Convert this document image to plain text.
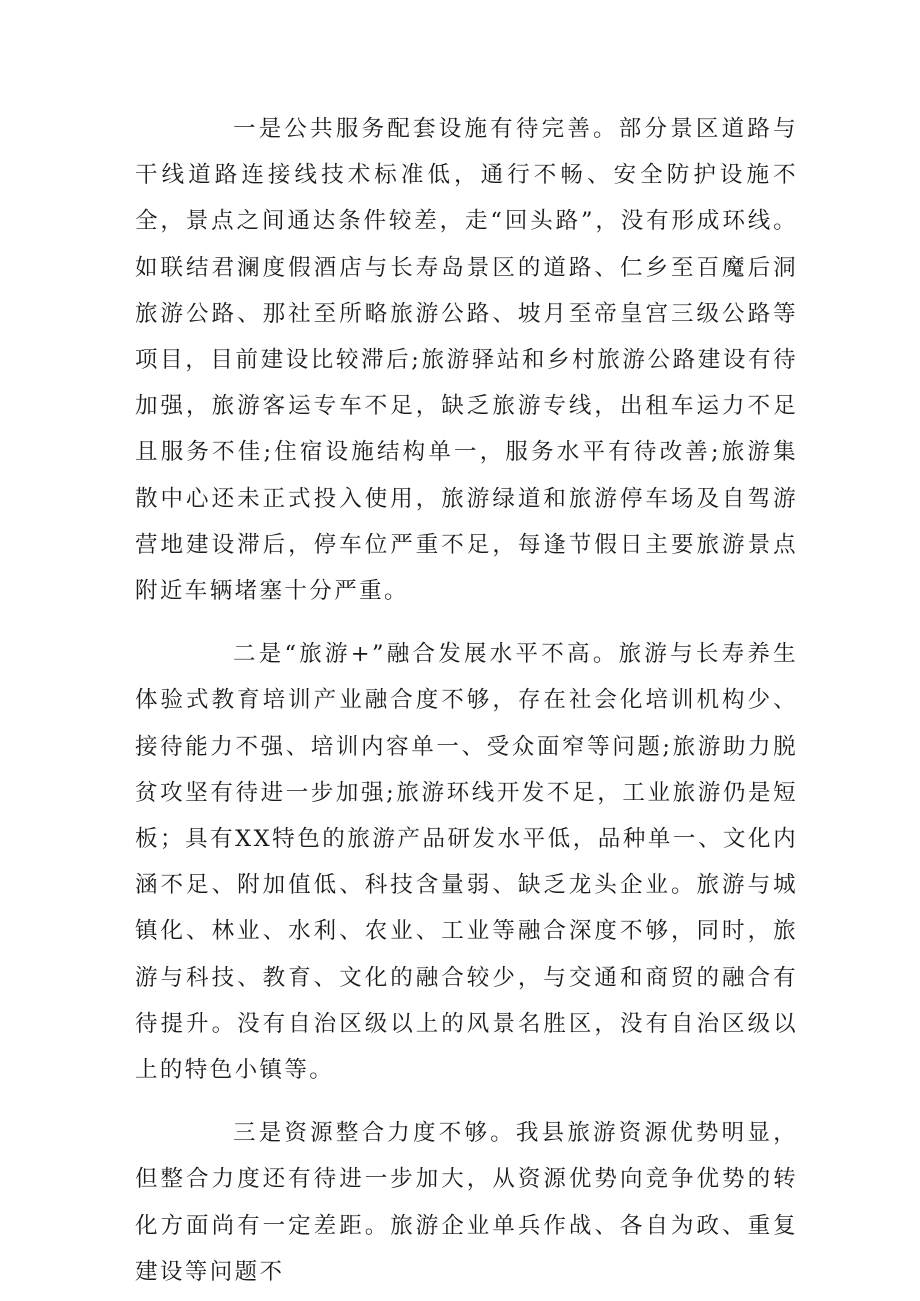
一是公共服务配套设施有待完善。部分景区道路与干线道路连接线技术标准低，通行不畅、安全防护设施不全，景点之间通达条件较差，走“回头路”，没有形成环线。如联结君澜度假酒店与长寿岛景区的道路、仁乡至百魔后洞旅游公路、那社至所略旅游公路、坡月至帝皇宫三级公路等项目，目前建设比较滞后;旅游驿站和乡村旅游公路建设有待加强，旅游客运专车不足，缺乏旅游专线，出租车运力不足且服务不佳;住宿设施结构单一，服务水平有待改善;旅游集散中心还未正式投入使用，旅游绿道和旅游停车场及自驾游营地建设滞后，停车位严重不足，每逢节假日主要旅游景点附近车辆堵塞十分严重。

二是“旅游+”融合发展水平不高。旅游与长寿养生体验式教育培训产业融合度不够，存在社会化培训机构少、接待能力不强、培训内容单一、受众面窄等问题;旅游助力脱贫攻坚有待进一步加强;旅游环线开发不足，工业旅游仍是短板；具有XX特色的旅游产品研发水平低，品种单一、文化内涵不足、附加值低、科技含量弱、缺乏龙头企业。旅游与城镇化、林业、水利、农业、工业等融合深度不够，同时，旅游与科技、教育、文化的融合较少，与交通和商贸的融合有待提升。没有自治区级以上的风景名胜区，没有自治区级以上的特色小镇等。

三是资源整合力度不够。我县旅游资源优势明显，但整合力度还有待进一步加大，从资源优势向竞争优势的转化方面尚有一定差距。旅游企业单兵作战、各自为政、重复建设等问题不
